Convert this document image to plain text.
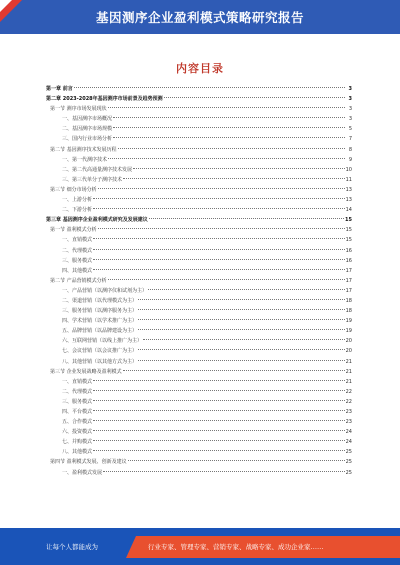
基因测序企业盈利模式策略研究报告
内容目录
第一章 前言	3
第二章 2023-2028年基因测序市场前景及趋势预测	3
第一节 测序市场发展现状	3
一、基因测序市场概况	3
二、基因测序市场规模	5
三、国内行业市场分析	7
第二节 基因测序技术发展历程	8
一、第一代测序技术	9
二、第二代高通量测序技术发展	10
三、第三代单分子测序技术	11
第三节 细分市场分析	13
一、上游分析	13
二、下游分析	14
第三章 基因测序企业盈利模式研究及发展建议	15
第一节 盈利模式分析	15
一、直销模式	15
二、代理模式	16
三、服务模式	16
四、其他模式	17
第二节 产品营销模式分析	17
一、产品营销（以测序仪和试剂为主）	17
二、渠道营销（以代理模式为主）	18
三、服务营销（以测序服务为主）	18
四、学术营销（以学术推广为主）	19
五、品牌营销（以品牌建设为主）	19
六、互联网营销（以线上推广为主）	20
七、会议营销（以会议推广为主）	20
八、其他营销（以其他方式为主）	21
第三节 企业发展战略及盈利模式	21
一、直销模式	21
二、代理模式	22
三、服务模式	22
四、平台模式	23
五、合作模式	23
六、投资模式	24
七、并购模式	24
八、其他模式	25
第四节 盈利模式发展、创新及建议	25
一、盈利模式发展	25
让每个人都能成为	行业专家、管理专家、营销专家、战略专家、成功企业家……
